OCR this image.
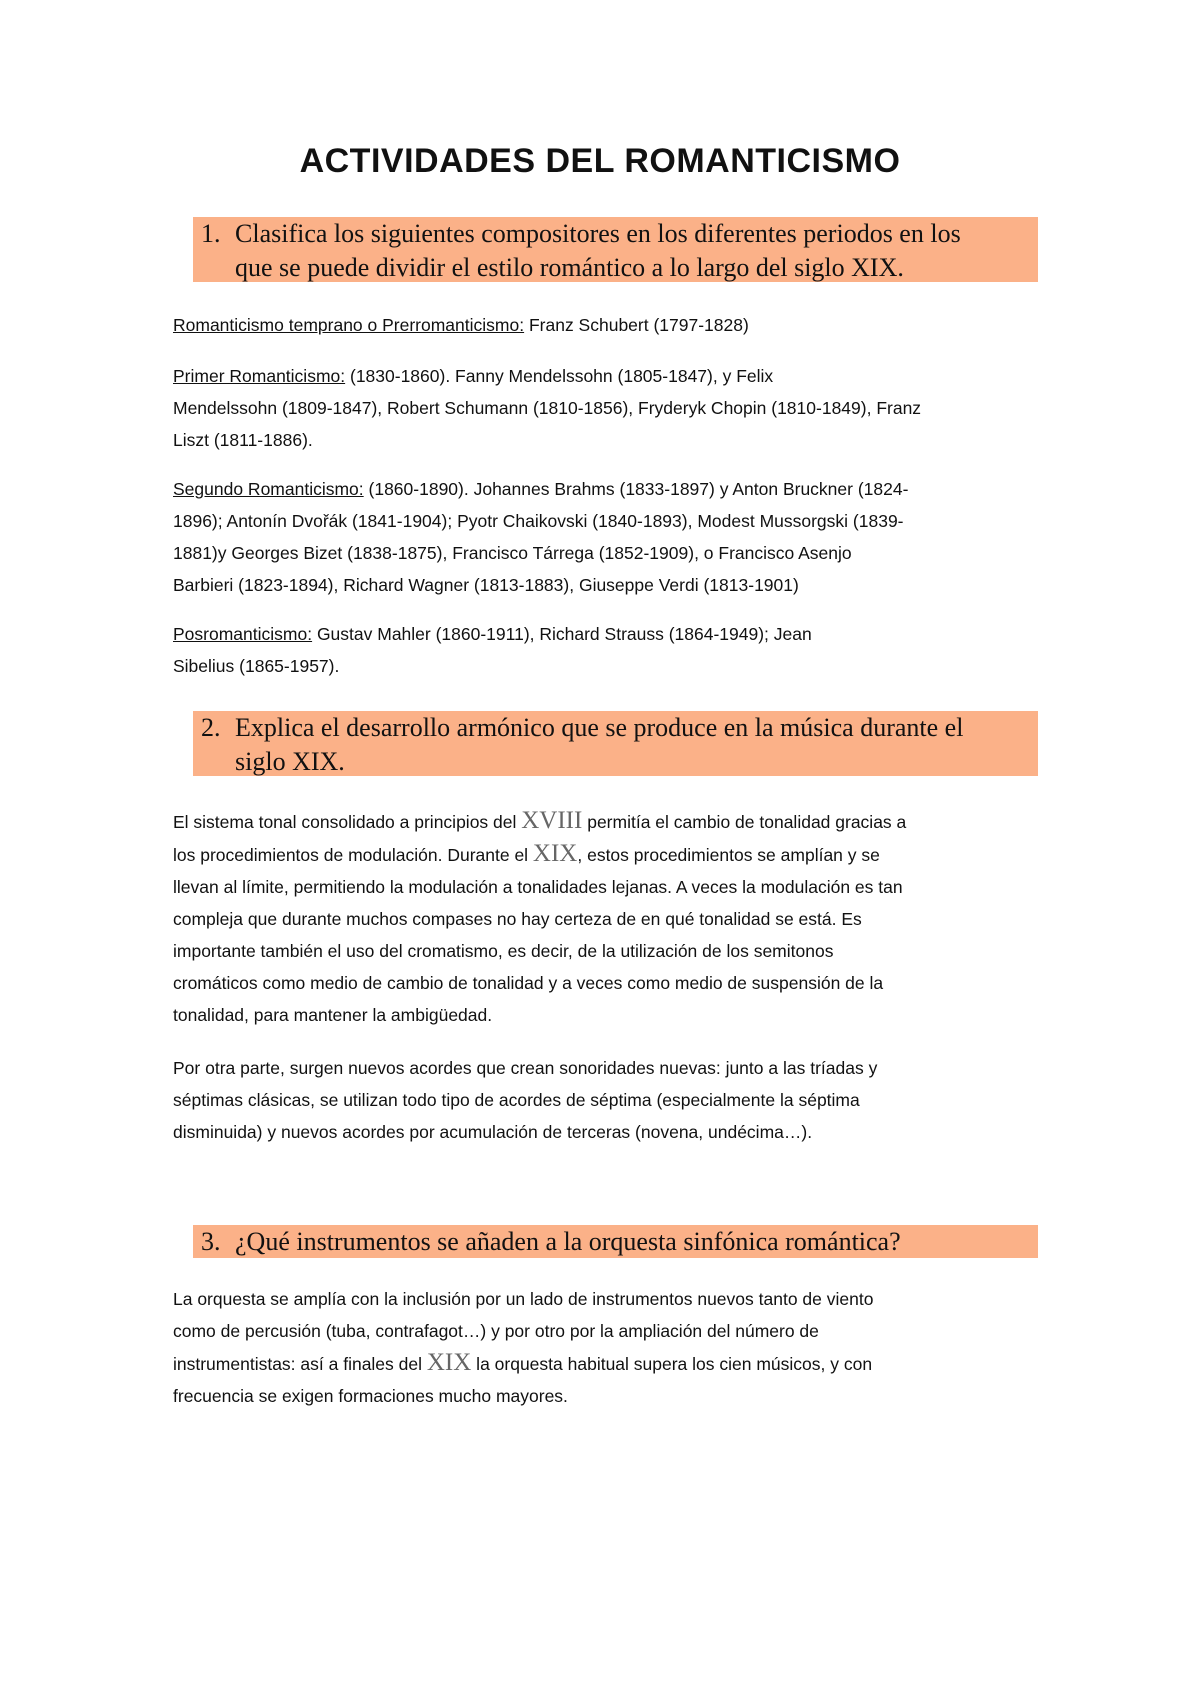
ACTIVIDADES DEL ROMANTICISMO
1. Clasifica los siguientes compositores en los diferentes periodos en los
que se puede dividir el estilo romántico a lo largo del siglo XIX.

Romanticismo temprano o Prerromanticismo: Franz Schubert (1797-1828)

Primer Romanticismo: (1830-1860). Fanny Mendelssohn (1805-1847), y Felix
Mendelssohn (1809-1847), Robert Schumann (1810-1856), Fryderyk Chopin (1810-1849), Franz
Liszt (1811-1886).

Segundo Romanticismo: (1860-1890). Johannes Brahms (1833-1897) y Anton Bruckner (1824-
1896); Antonín Dvořák (1841-1904); Pyotr Chaikovski (1840-1893), Modest Mussorgski (1839-
1881)y Georges Bizet (1838-1875), Francisco Tárrega (1852-1909), o Francisco Asenjo
Barbieri (1823-1894), Richard Wagner (1813-1883), Giuseppe Verdi (1813-1901)

Posromanticismo: Gustav Mahler (1860-1911), Richard Strauss (1864-1949); Jean
Sibelius (1865-1957).

2. Explica el desarrollo armónico que se produce en la música durante el
siglo XIX.

El sistema tonal consolidado a principios del XVIII permitía el cambio de tonalidad gracias a
los procedimientos de modulación. Durante el XIX, estos procedimientos se amplían y se
llevan al límite, permitiendo la modulación a tonalidades lejanas. A veces la modulación es tan
compleja que durante muchos compases no hay certeza de en qué tonalidad se está. Es
importante también el uso del cromatismo, es decir, de la utilización de los semitonos
cromáticos como medio de cambio de tonalidad y a veces como medio de suspensión de la
tonalidad, para mantener la ambigüedad.

Por otra parte, surgen nuevos acordes que crean sonoridades nuevas: junto a las tríadas y
séptimas clásicas, se utilizan todo tipo de acordes de séptima (especialmente la séptima
disminuida) y nuevos acordes por acumulación de terceras (novena, undécima…).

3. ¿Qué instrumentos se añaden a la orquesta sinfónica romántica?

La orquesta se amplía con la inclusión por un lado de instrumentos nuevos tanto de viento
como de percusión (tuba, contrafagot…) y por otro por la ampliación del número de
instrumentistas: así a finales del XIX la orquesta habitual supera los cien músicos, y con
frecuencia se exigen formaciones mucho mayores.
